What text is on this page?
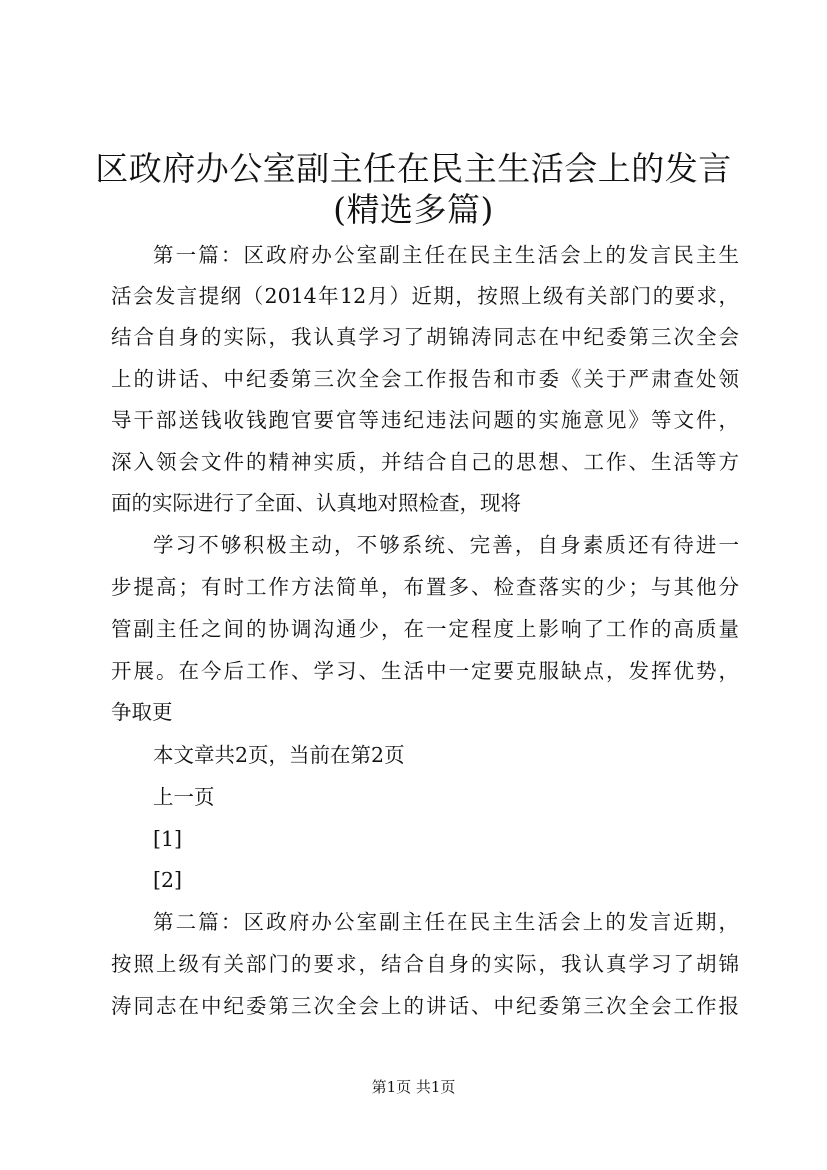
区政府办公室副主任在民主生活会上的发言
(精选多篇)
第一篇：区政府办公室副主任在民主生活会上的发言民主生
活会发言提纲（2014年12月）近期，按照上级有关部门的要求，
结合自身的实际，我认真学习了胡锦涛同志在中纪委第三次全会
上的讲话、中纪委第三次全会工作报告和市委《关于严肃查处领
导干部送钱收钱跑官要官等违纪违法问题的实施意见》等文件，
深入领会文件的精神实质，并结合自己的思想、工作、生活等方
面的实际进行了全面、认真地对照检查，现将
学习不够积极主动，不够系统、完善，自身素质还有待进一
步提高；有时工作方法简单，布置多、检查落实的少；与其他分
管副主任之间的协调沟通少，在一定程度上影响了工作的高质量
开展。在今后工作、学习、生活中一定要克服缺点，发挥优势，
争取更
本文章共2页，当前在第2页
上一页
[1]
[2]
第二篇：区政府办公室副主任在民主生活会上的发言近期，
按照上级有关部门的要求，结合自身的实际，我认真学习了胡锦
涛同志在中纪委第三次全会上的讲话、中纪委第三次全会工作报
第1页 共1页
